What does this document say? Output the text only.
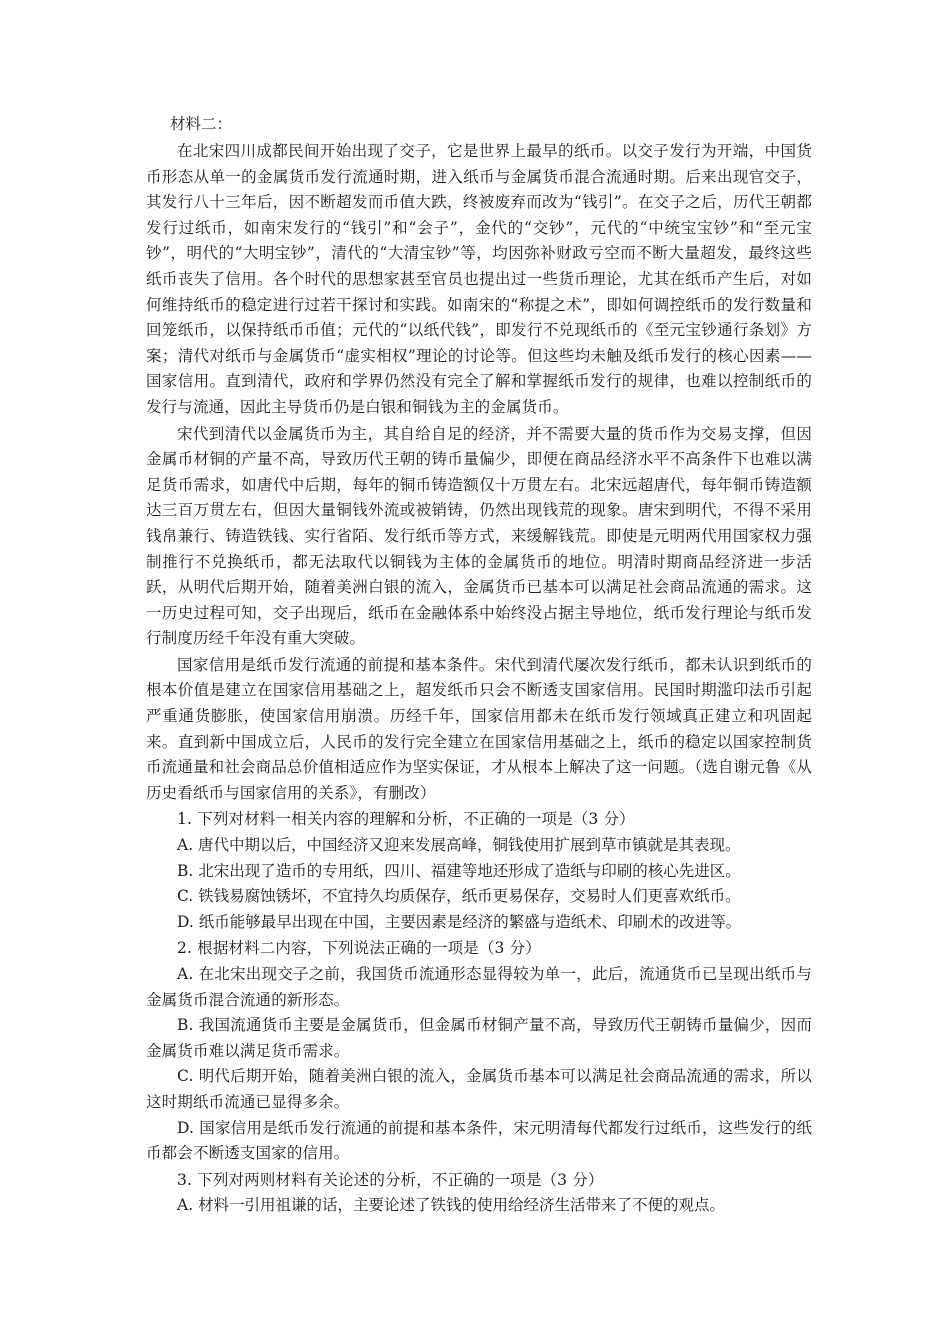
材料二：

在北宋四川成都民间开始出现了交子，它是世界上最早的纸币。以交子发行为开端，中国货币形态从单一的金属货币发行流通时期，进入纸币与金属货币混合流通时期。后来出现官交子，其发行八十三年后，因不断超发而币值大跌，终被废弃而改为“钱引”。在交子之后，历代王朝都发行过纸币，如南宋发行的“钱引”和“会子”，金代的“交钞”，元代的“中统宝宝钞”和“至元宝钞”，明代的“大明宝钞”，清代的“大清宝钞”等，均因弥补财政亏空而不断大量超发，最终这些纸币丧失了信用。各个时代的思想家甚至官员也提出过一些货币理论，尤其在纸币产生后，对如何维持纸币的稳定进行过若干探讨和实践。如南宋的“称提之术”，即如何调控纸币的发行数量和回笼纸币，以保持纸币币值；元代的“以纸代钱”，即发行不兑现纸币的《至元宝钞通行条划》方案；清代对纸币与金属货币“虚实相权”理论的讨论等。但这些均未触及纸币发行的核心因素——国家信用。直到清代，政府和学界仍然没有完全了解和掌握纸币发行的规律，也难以控制纸币的发行与流通，因此主导货币仍是白银和铜钱为主的金属货币。

宋代到清代以金属货币为主，其自给自足的经济，并不需要大量的货币作为交易支撑，但因金属币材铜的产量不高，导致历代王朝的铸币量偏少，即便在商品经济水平不高条件下也难以满足货币需求，如唐代中后期，每年的铜币铸造额仅十万贯左右。北宋远超唐代，每年铜币铸造额达三百万贯左右，但因大量铜钱外流或被销铸，仍然出现钱荒的现象。唐宋到明代，不得不采用钱帛兼行、铸造铁钱、实行省陌、发行纸币等方式，来缓解钱荒。即使是元明两代用国家权力强制推行不兑换纸币，都无法取代以铜钱为主体的金属货币的地位。明清时期商品经济进一步活跃，从明代后期开始，随着美洲白银的流入，金属货币已基本可以满足社会商品流通的需求。这一历史过程可知，交子出现后，纸币在金融体系中始终没占据主导地位，纸币发行理论与纸币发行制度历经千年没有重大突破。

国家信用是纸币发行流通的前提和基本条件。宋代到清代屡次发行纸币，都未认识到纸币的根本价值是建立在国家信用基础之上，超发纸币只会不断透支国家信用。民国时期滥印法币引起严重通货膨胀，使国家信用崩溃。历经千年，国家信用都未在纸币发行领域真正建立和巩固起来。直到新中国成立后，人民币的发行完全建立在国家信用基础之上，纸币的稳定以国家控制货币流通量和社会商品总价值相适应作为坚实保证，才从根本上解决了这一问题。（选自谢元鲁《从历史看纸币与国家信用的关系》，有删改）

1. 下列对材料一相关内容的理解和分析，不正确的一项是（3 分）

A. 唐代中期以后，中国经济又迎来发展高峰，铜钱使用扩展到草市镇就是其表现。

B. 北宋出现了造币的专用纸，四川、福建等地还形成了造纸与印刷的核心先进区。

C. 铁钱易腐蚀锈坏，不宜持久均质保存，纸币更易保存，交易时人们更喜欢纸币。

D. 纸币能够最早出现在中国，主要因素是经济的繁盛与造纸术、印刷术的改进等。

2. 根据材料二内容，下列说法正确的一项是（3 分）

A. 在北宋出现交子之前，我国货币流通形态显得较为单一，此后，流通货币已呈现出纸币与金属货币混合流通的新形态。

B. 我国流通货币主要是金属货币，但金属币材铜产量不高，导致历代王朝铸币量偏少，因而金属货币难以满足货币需求。

C. 明代后期开始，随着美洲白银的流入，金属货币基本可以满足社会商品流通的需求，所以这时期纸币流通已显得多余。

D. 国家信用是纸币发行流通的前提和基本条件，宋元明清每代都发行过纸币，这些发行的纸币都会不断透支国家的信用。

3. 下列对两则材料有关论述的分析，不正确的一项是（3 分）

A. 材料一引用祖谦的话，主要论述了铁钱的使用给经济生活带来了不便的观点。
